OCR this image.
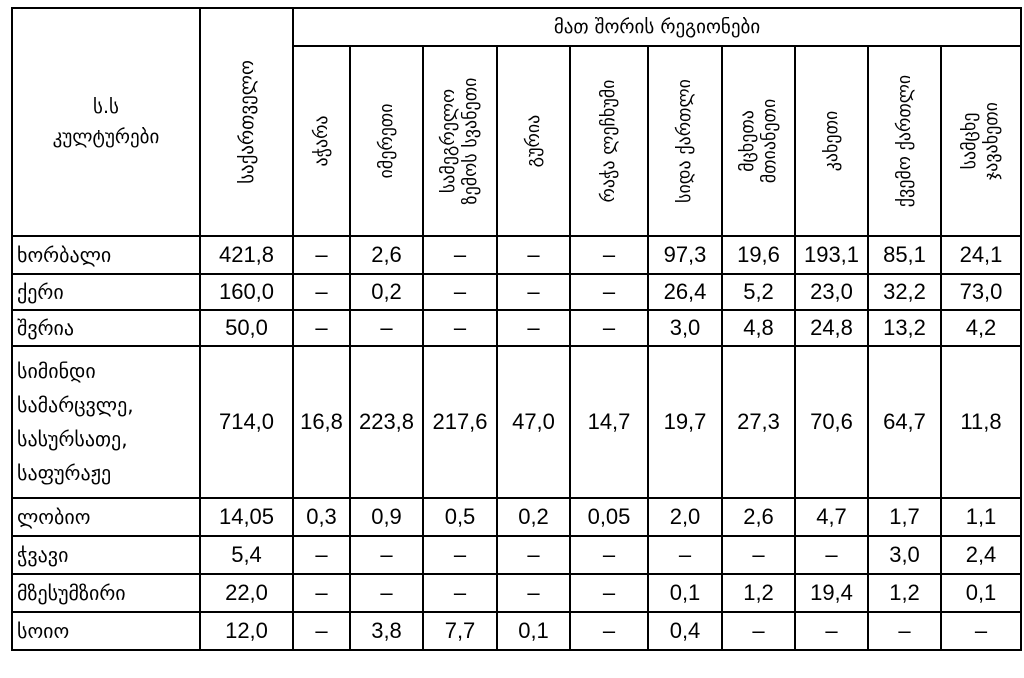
ს.ს
კულტურები	საქართველო	მათ შორის რეგიონები									

		აჭარა	იმერეთი	სამეგრელო ზემოს სვანეთი	გურია	რაჭა ლეჩხუმი	სიდა ქართლი	მცხეთა მთიანეთი	კახეთი	ქვემო ქართლი	სამცხე ჯავახეთი

ხორბალი	421,8	–	2,6	–	–	–	97,3	19,6	193,1	85,1	24,1

ქერი	160,0	–	0,2	–	–	–	26,4	5,2	23,0	32,2	73,0

შვრია	50,0	–	–	–	–	–	3,0	4,8	24,8	13,2	4,2

სიმინდი
სამარცვლე,
სასურსათე,
საფურაჟე	714,0	16,8	223,8	217,6	47,0	14,7	19,7	27,3	70,6	64,7	11,8

ლობიო	14,05	0,3	0,9	0,5	0,2	0,05	2,0	2,6	4,7	1,7	1,1

ჭვავი	5,4	–	–	–	–	–	–	–	–	3,0	2,4

მზესუმზირი	22,0	–	–	–	–	–	0,1	1,2	19,4	1,2	0,1

სოიო	12,0	–	3,8	7,7	0,1	–	0,4	–	–	–	–
